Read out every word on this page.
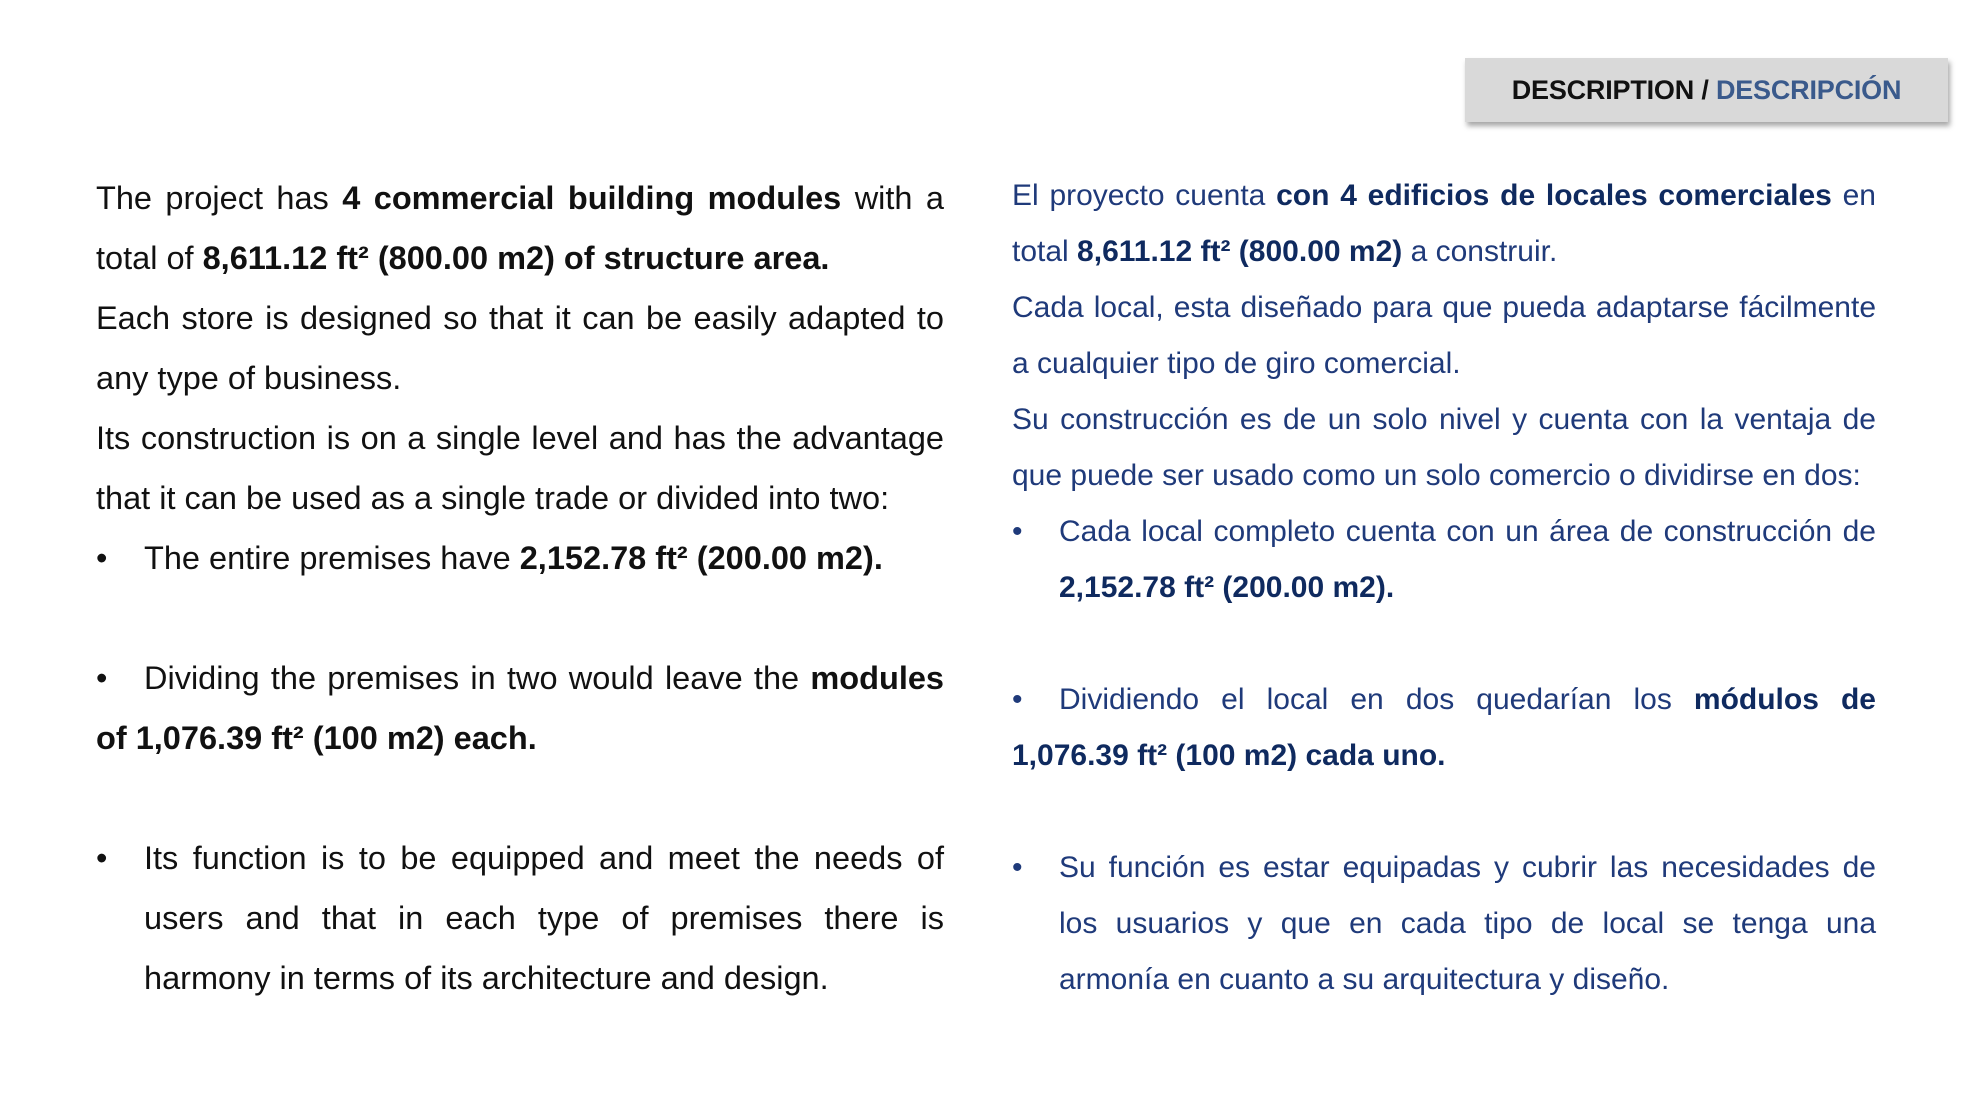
DESCRIPTION /
DESCRIPCIÓN

The project has 4 commercial building modules with a total of 8,611.12 ft² (800.00 m2) of structure area.

Each store is designed so that it can be easily adapted to any type of business.

Its construction is on a single level and has the advantage that it can be used as a single trade or divided into two:

• The entire premises have 2,152.78 ft² (200.00 m2).
• Dividing the premises in two would leave the modules
of 1,076.39 ft² (100 m2) each.
• Its function is to be equipped and meet the needs of users and that in each type of premises there is harmony in terms of its architecture and design.

El proyecto cuenta con 4 edificios de locales comerciales en total 8,611.12 ft² (800.00 m2) a construir.

Cada local, esta diseñado para que pueda adaptarse fácilmente a cualquier tipo de giro comercial.

Su construcción es de un solo nivel y cuenta con la ventaja de que puede ser usado como un solo comercio o dividirse en dos:

• Cada local completo cuenta con un área de construcción de 2,152.78 ft² (200.00 m2).
• Dividiendo el local en dos quedarían los módulos de
1,076.39 ft² (100 m2) cada uno.
• Su función es estar equipadas y cubrir las necesidades de los usuarios y que en cada tipo de local se tenga una armonía en cuanto a su arquitectura y diseño.
